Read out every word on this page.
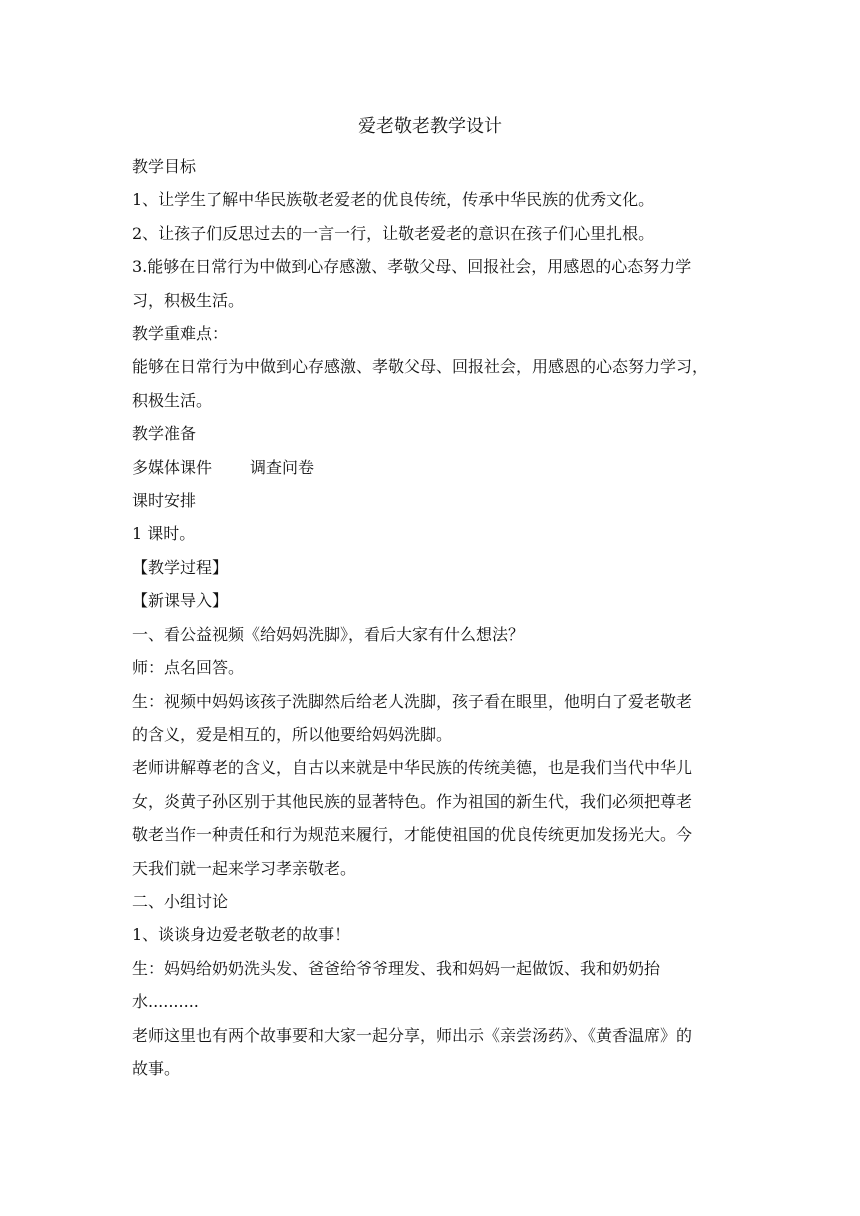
爱老敬老教学设计

教学目标

1、让学生了解中华民族敬老爱老的优良传统，传承中华民族的优秀文化。

2、让孩子们反思过去的一言一行，让敬老爱老的意识在孩子们心里扎根。

3.能够在日常行为中做到心存感激、孝敬父母、回报社会，用感恩的心态努力学

习，积极生活。

教学重难点：

能够在日常行为中做到心存感激、孝敬父母、回报社会，用感恩的心态努力学习，

积极生活。

教学准备

多媒体课件 调查问卷

课时安排

1 课时。

【教学过程】

【新课导入】

一、看公益视频《给妈妈洗脚》，看后大家有什么想法？

师：点名回答。

生：视频中妈妈该孩子洗脚然后给老人洗脚，孩子看在眼里，他明白了爱老敬老

的含义，爱是相互的，所以他要给妈妈洗脚。

老师讲解尊老的含义，自古以来就是中华民族的传统美德，也是我们当代中华儿

女，炎黄子孙区别于其他民族的显著特色。作为祖国的新生代，我们必须把尊老

敬老当作一种责任和行为规范来履行，才能使祖国的优良传统更加发扬光大。今

天我们就一起来学习孝亲敬老。

二、小组讨论

1、谈谈身边爱老敬老的故事！

生：妈妈给奶奶洗头发、爸爸给爷爷理发、我和妈妈一起做饭、我和奶奶抬

水..........

老师这里也有两个故事要和大家一起分享，师出示《亲尝汤药》、《黄香温席》的

故事。
